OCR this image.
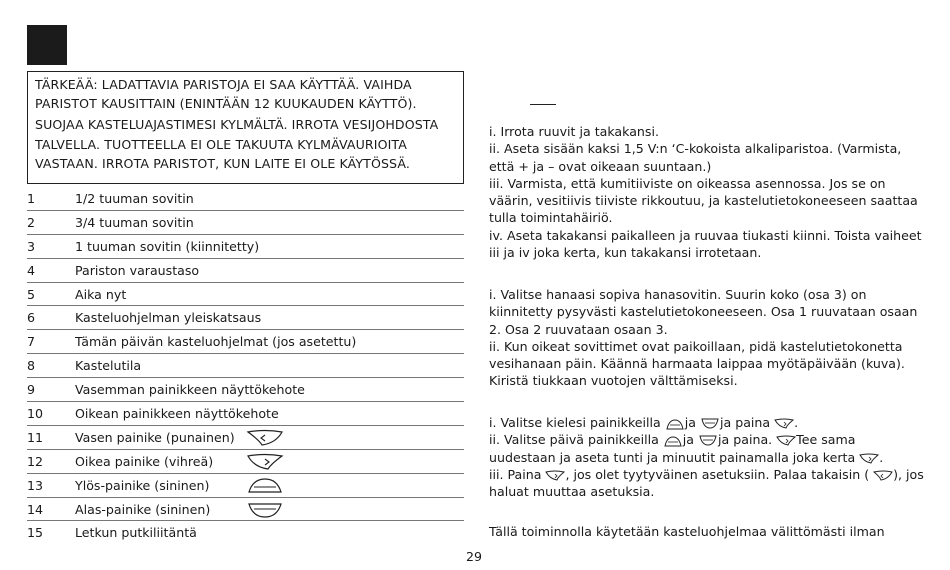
TÄRKEÄÄ: LADATTAVIA PARISTOJA EI SAA KÄYTTÄÄ. VAIHDA PARISTOT KAUSITTAIN (ENINTÄÄN 12 KUUKAUDEN KÄYTTÖ).

SUOJAA KASTELUAJASTIMESI KYLMÄLTÄ. IRROTA VESIJOHDOSTA TALVELLA. TUOTTEELLA EI OLE TAKUUTA KYLMÄVAURIOITA VASTAAN. IRROTA PARISTOT, KUN LAITE EI OLE KÄYTÖSSÄ.

1	1/2 tuuman sovitin
2	3/4 tuuman sovitin
3	1 tuuman sovitin (kiinnitetty)
4	Pariston varaustaso
5	Aika nyt
6	Kasteluohjelman yleiskatsaus
7	Tämän päivän kasteluohjelmat (jos asetettu)
8	Kastelutila
9	Vasemman painikkeen näyttökehote
10	Oikean painikkeen näyttökehote
11	Vasen painike (punainen)
12	Oikea painike (vihreä)
13	Ylös-painike (sininen)
14	Alas-painike (sininen)
15	Letkun putkiliitäntä

i. Irrota ruuvit ja takakansi.

ii. Aseta sisään kaksi 1,5 V:n ‘C-kokoista alkaliparistoa. (Varmista, että + ja – ovat oikeaan suuntaan.)

iii. Varmista, että kumitiiviste on oikeassa asennossa. Jos se on väärin, vesitiivis tiiviste rikkoutuu, ja kastelutietokoneeseen saattaa tulla toimintahäiriö.

iv. Aseta takakansi paikalleen ja ruuvaa tiukasti kiinni. Toista vaiheet iii ja iv joka kerta, kun takakansi irrotetaan.

i. Valitse hanaasi sopiva hanasovitin. Suurin koko (osa 3) on kiinnitetty pysyvästi kastelutietokoneeseen. Osa 1 ruuvataan osaan 2. Osa 2 ruuvataan osaan 3.

ii. Kun oikeat sovittimet ovat paikoillaan, pidä kastelutietokonetta vesihanaan päin. Käännä harmaata laippaa myötäpäivään (kuva). Kiristä tiukkaan vuotojen välttämiseksi.

i. Valitse kielesi painikkeilla ja ja paina .

ii. Valitse päivä painikkeilla ja ja paina. Tee sama uudestaan ja aseta tunti ja minuutit painamalla joka kerta .

iii. Paina , jos olet tyytyväinen asetuksiin. Palaa takaisin ( ), jos haluat muuttaa asetuksia.

Tällä toiminnolla käytetään kasteluohjelmaa välittömästi ilman

29
